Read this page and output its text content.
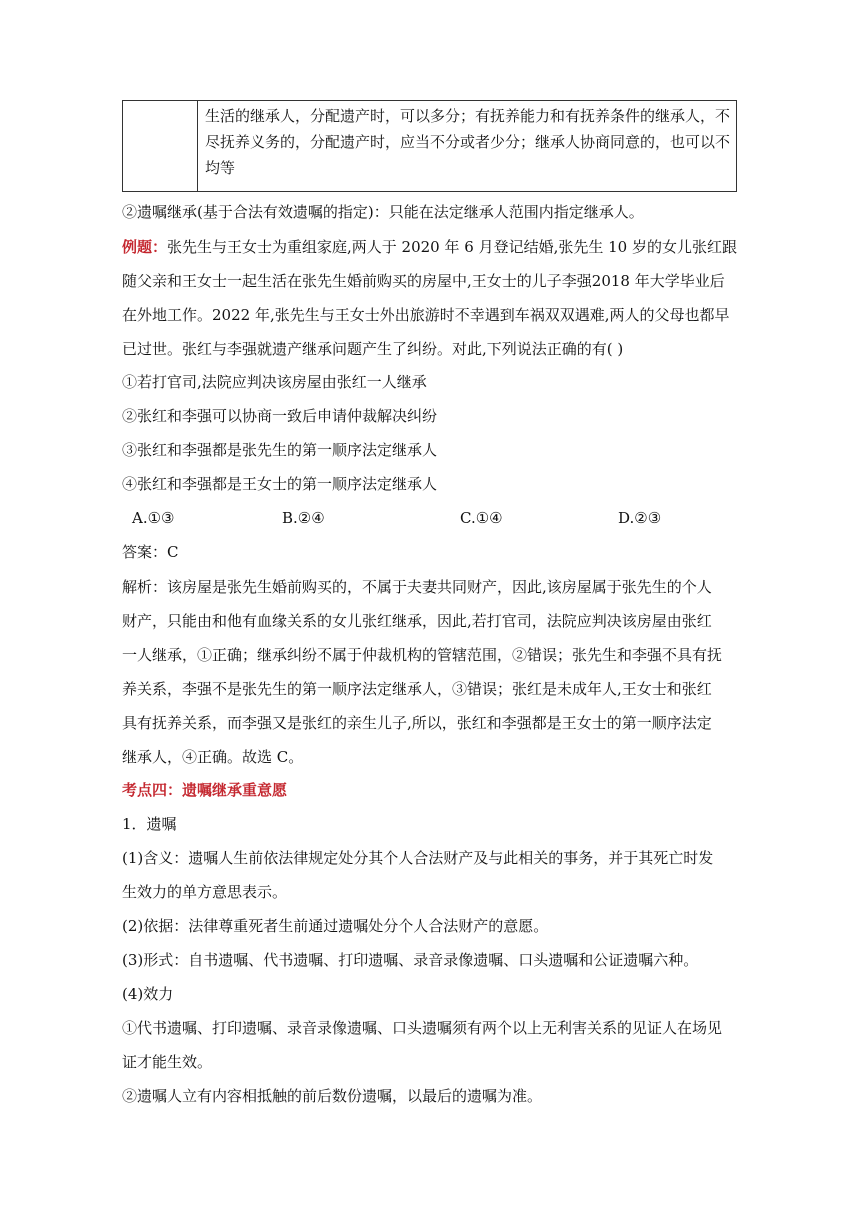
生活的继承人，分配遗产时，可以多分；有抚养能力和有抚养条件的继承人，不
尽抚养义务的，分配遗产时，应当不分或者少分；继承人协商同意的，也可以不
均等
②遗嘱继承(基于合法有效遗嘱的指定)：只能在法定继承人范围内指定继承人。
例题：张先生与王女士为重组家庭,两人于 2020 年 6 月登记结婚,张先生 10 岁的女儿张红跟
随父亲和王女士一起生活在张先生婚前购买的房屋中,王女士的儿子李强2018 年大学毕业后
在外地工作。2022 年,张先生与王女士外出旅游时不幸遇到车祸双双遇难,两人的父母也都早
已过世。张红与李强就遗产继承问题产生了纠纷。对此,下列说法正确的有( )
①若打官司,法院应判决该房屋由张红一人继承
②张红和李强可以协商一致后申请仲裁解决纠纷
③张红和李强都是张先生的第一顺序法定继承人
④张红和李强都是王女士的第一顺序法定继承人
A.①③	B.②④	C.①④	D.②③
答案：C
解析：该房屋是张先生婚前购买的，不属于夫妻共同财产，因此,该房屋属于张先生的个人
财产，只能由和他有血缘关系的女儿张红继承，因此,若打官司，法院应判决该房屋由张红
一人继承，①正确；继承纠纷不属于仲裁机构的管辖范围，②错误；张先生和李强不具有抚
养关系，李强不是张先生的第一顺序法定继承人，③错误；张红是未成年人,王女士和张红
具有抚养关系，而李强又是张红的亲生儿子,所以，张红和李强都是王女士的第一顺序法定
继承人，④正确。故选 C。
考点四：遗嘱继承重意愿
1．遗嘱
(1)含义：遗嘱人生前依法律规定处分其个人合法财产及与此相关的事务，并于其死亡时发
生效力的单方意思表示。
(2)依据：法律尊重死者生前通过遗嘱处分个人合法财产的意愿。
(3)形式：自书遗嘱、代书遗嘱、打印遗嘱、录音录像遗嘱、口头遗嘱和公证遗嘱六种。
(4)效力
①代书遗嘱、打印遗嘱、录音录像遗嘱、口头遗嘱须有两个以上无利害关系的见证人在场见
证才能生效。
②遗嘱人立有内容相抵触的前后数份遗嘱，以最后的遗嘱为准。
